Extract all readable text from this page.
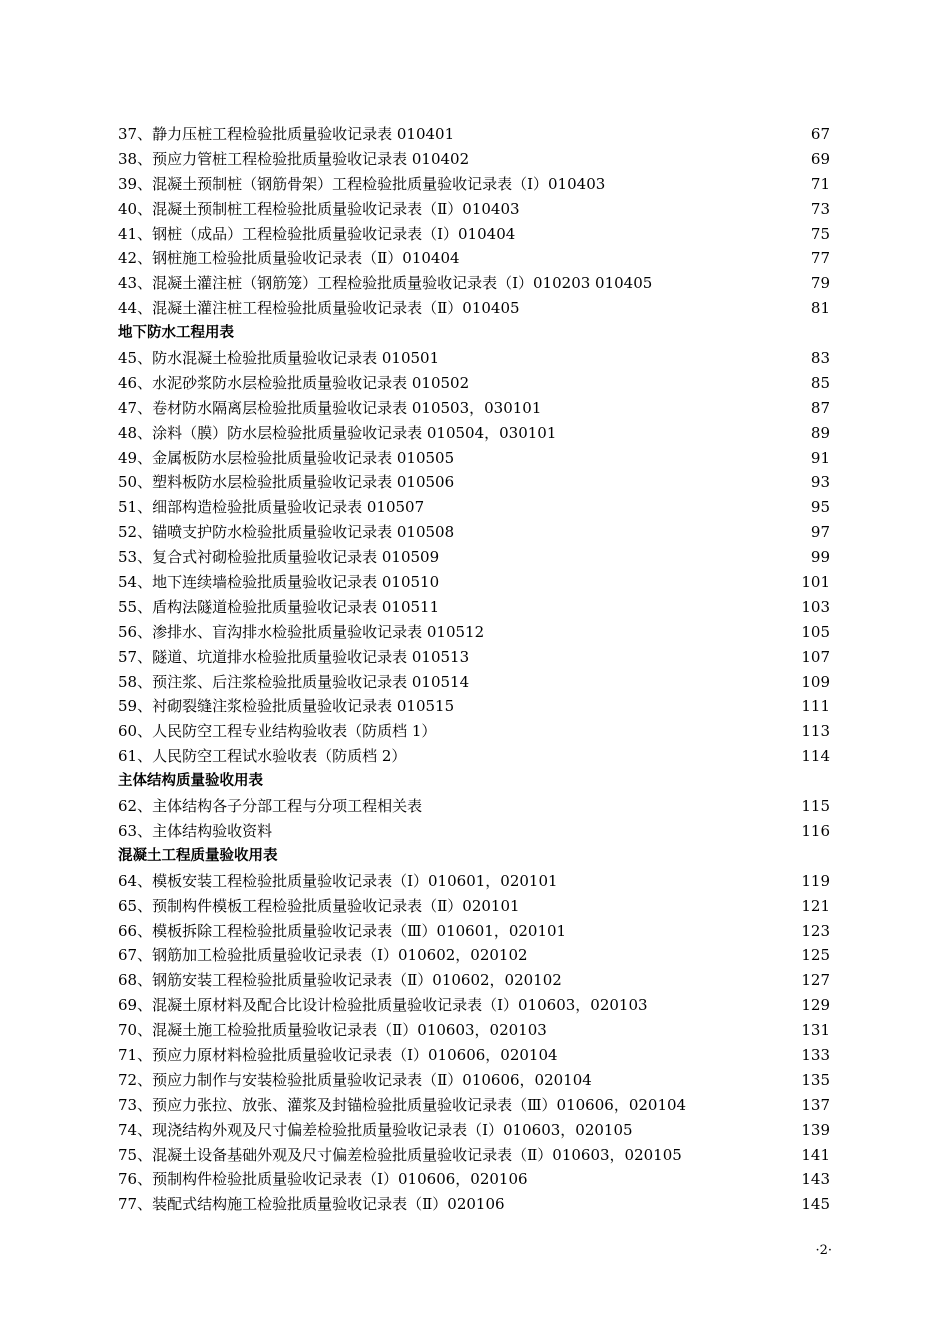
37、静力压桩工程检验批质量验收记录表 010401	67
38、预应力管桩工程检验批质量验收记录表 010402	69
39、混凝土预制桩（钢筋骨架）工程检验批质量验收记录表（Ⅰ）010403	71
40、混凝土预制桩工程检验批质量验收记录表（Ⅱ）010403	73
41、钢桩（成品）工程检验批质量验收记录表（Ⅰ）010404	75
42、钢桩施工检验批质量验收记录表（Ⅱ）010404	77
43、混凝土灌注桩（钢筋笼）工程检验批质量验收记录表（Ⅰ）010203 010405	79
44、混凝土灌注桩工程检验批质量验收记录表（Ⅱ）010405	81
地下防水工程用表
45、防水混凝土检验批质量验收记录表 010501	83
46、水泥砂浆防水层检验批质量验收记录表 010502	85
47、卷材防水隔离层检验批质量验收记录表 010503，030101	87
48、涂料（膜）防水层检验批质量验收记录表 010504，030101	89
49、金属板防水层检验批质量验收记录表 010505	91
50、塑料板防水层检验批质量验收记录表 010506	93
51、细部构造检验批质量验收记录表 010507	95
52、锚喷支护防水检验批质量验收记录表 010508	97
53、复合式衬砌检验批质量验收记录表 010509	99
54、地下连续墙检验批质量验收记录表 010510	101
55、盾构法隧道检验批质量验收记录表 010511	103
56、渗排水、盲沟排水检验批质量验收记录表 010512	105
57、隧道、坑道排水检验批质量验收记录表 010513	107
58、预注浆、后注浆检验批质量验收记录表 010514	109
59、衬砌裂缝注浆检验批质量验收记录表 010515	111
60、人民防空工程专业结构验收表（防质档 1）	113
61、人民防空工程试水验收表（防质档 2）	114
主体结构质量验收用表
62、主体结构各子分部工程与分项工程相关表	115
63、主体结构验收资料	116
混凝土工程质量验收用表
64、模板安装工程检验批质量验收记录表（Ⅰ）010601，020101	119
65、预制构件模板工程检验批质量验收记录表（Ⅱ）020101	121
66、模板拆除工程检验批质量验收记录表（Ⅲ）010601，020101	123
67、钢筋加工检验批质量验收记录表（Ⅰ）010602，020102	125
68、钢筋安装工程检验批质量验收记录表（Ⅱ）010602，020102	127
69、混凝土原材料及配合比设计检验批质量验收记录表（Ⅰ）010603，020103	129
70、混凝土施工检验批质量验收记录表（Ⅱ）010603，020103	131
71、预应力原材料检验批质量验收记录表（Ⅰ）010606，020104	133
72、预应力制作与安装检验批质量验收记录表（Ⅱ）010606，020104	135
73、预应力张拉、放张、灌浆及封锚检验批质量验收记录表（Ⅲ）010606，020104	137
74、现浇结构外观及尺寸偏差检验批质量验收记录表（Ⅰ）010603，020105	139
75、混凝土设备基础外观及尺寸偏差检验批质量验收记录表（Ⅱ）010603，020105	141
76、预制构件检验批质量验收记录表（Ⅰ）010606，020106	143
77、装配式结构施工检验批质量验收记录表（Ⅱ）020106	145
·2·
